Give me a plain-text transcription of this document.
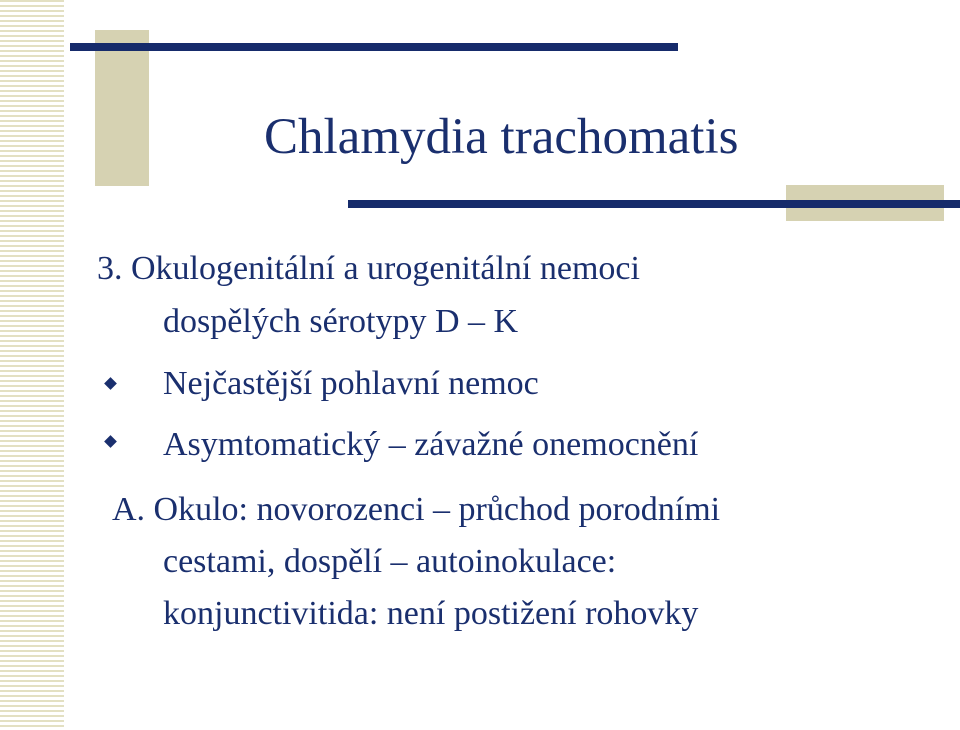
Chlamydia trachomatis
3. Okulogenitální a urogenitální nemoci
dospělých sérotypy D – K
Nejčastější pohlavní nemoc
Asymtomatický – závažné onemocnění
A. Okulo: novorozenci – průchod porodními
cestami, dospělí – autoinokulace:
konjunctivitida: není postižení rohovky
